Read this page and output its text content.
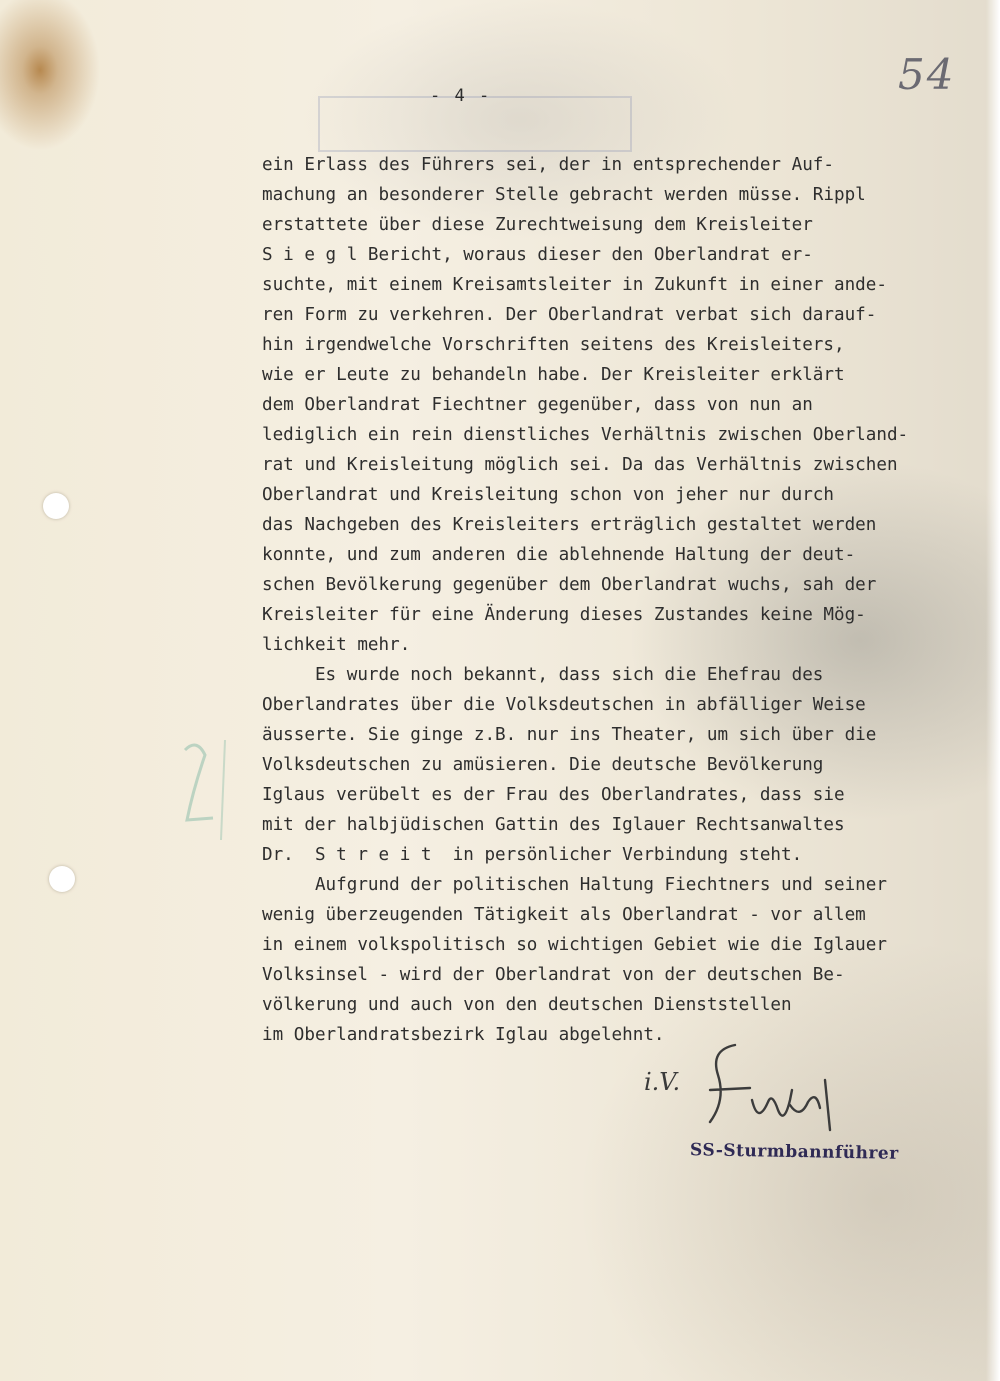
- 4 -	54
ein Erlass des Führers sei, der in entsprechender Auf-
machung an besonderer Stelle gebracht werden müsse. Rippl
erstattete über diese Zurechtweisung dem Kreisleiter
S i e g l Bericht, woraus dieser den Oberlandrat er-
suchte, mit einem Kreisamtsleiter in Zukunft in einer ande-
ren Form zu verkehren. Der Oberlandrat verbat sich darauf-
hin irgendwelche Vorschriften seitens des Kreisleiters,
wie er Leute zu behandeln habe. Der Kreisleiter erklärt
dem Oberlandrat Fiechtner gegenüber, dass von nun an
lediglich ein rein dienstliches Verhältnis zwischen Oberland-
rat und Kreisleitung möglich sei. Da das Verhältnis zwischen
Oberlandrat und Kreisleitung schon von jeher nur durch
das Nachgeben des Kreisleiters erträglich gestaltet werden
konnte, und zum anderen die ablehnende Haltung der deut-
schen Bevölkerung gegenüber dem Oberlandrat wuchs, sah der
Kreisleiter für eine Änderung dieses Zustandes keine Mög-
lichkeit mehr.
Es wurde noch bekannt, dass sich die Ehefrau des
Oberlandrates über die Volksdeutschen in abfälliger Weise
äusserte. Sie ginge z.B. nur ins Theater, um sich über die
Volksdeutschen zu amüsieren. Die deutsche Bevölkerung
Iglaus verübelt es der Frau des Oberlandrates, dass sie
mit der halbjüdischen Gattin des Iglauer Rechtsanwaltes
Dr.  S t r e i t  in persönlicher Verbindung steht.
Aufgrund der politischen Haltung Fiechtners und seiner
wenig überzeugenden Tätigkeit als Oberlandrat - vor allem
in einem volkspolitisch so wichtigen Gebiet wie die Iglauer
Volksinsel - wird der Oberlandrat von der deutschen Be-
völkerung und auch von den deutschen Dienststellen
im Oberlandratsbezirk Iglau abgelehnt.
i.V.
SS-Sturmbannführer
